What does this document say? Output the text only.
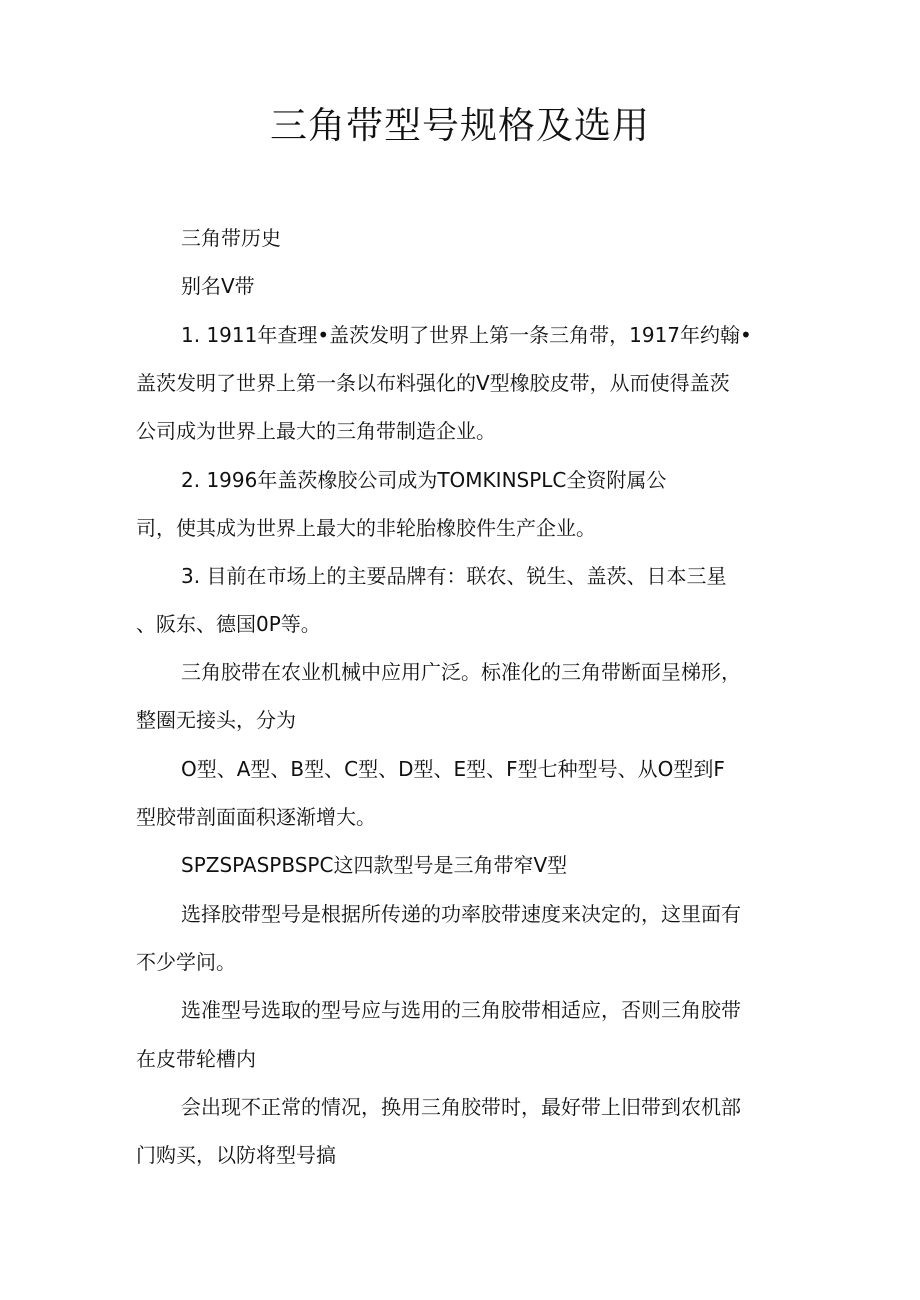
三角带型号规格及选用

三角带历史

别名V带

1. 1911年查理•盖茨发明了世界上第一条三角带，1917年约翰•

盖茨发明了世界上第一条以布料强化的V型橡胶皮带，从而使得盖茨

公司成为世界上最大的三角带制造企业。

2. 1996年盖茨橡胶公司成为TOMKINSPLC全资附属公

司，使其成为世界上最大的非轮胎橡胶件生产企业。

3. 目前在市场上的主要品牌有：联农、锐生、盖茨、日本三星

、阪东、德国0P等。

三角胶带在农业机械中应用广泛。标准化的三角带断面呈梯形，

整圈无接头，分为

O型、A型、B型、C型、D型、E型、F型七种型号、从O型到F

型胶带剖面面积逐渐增大。

SPZSPASPBSPC这四款型号是三角带窄V型

选择胶带型号是根据所传递的功率胶带速度来决定的，这里面有

不少学问。

选准型号选取的型号应与选用的三角胶带相适应，否则三角胶带

在皮带轮槽内

会出现不正常的情况，换用三角胶带时，最好带上旧带到农机部

门购买，以防将型号搞
